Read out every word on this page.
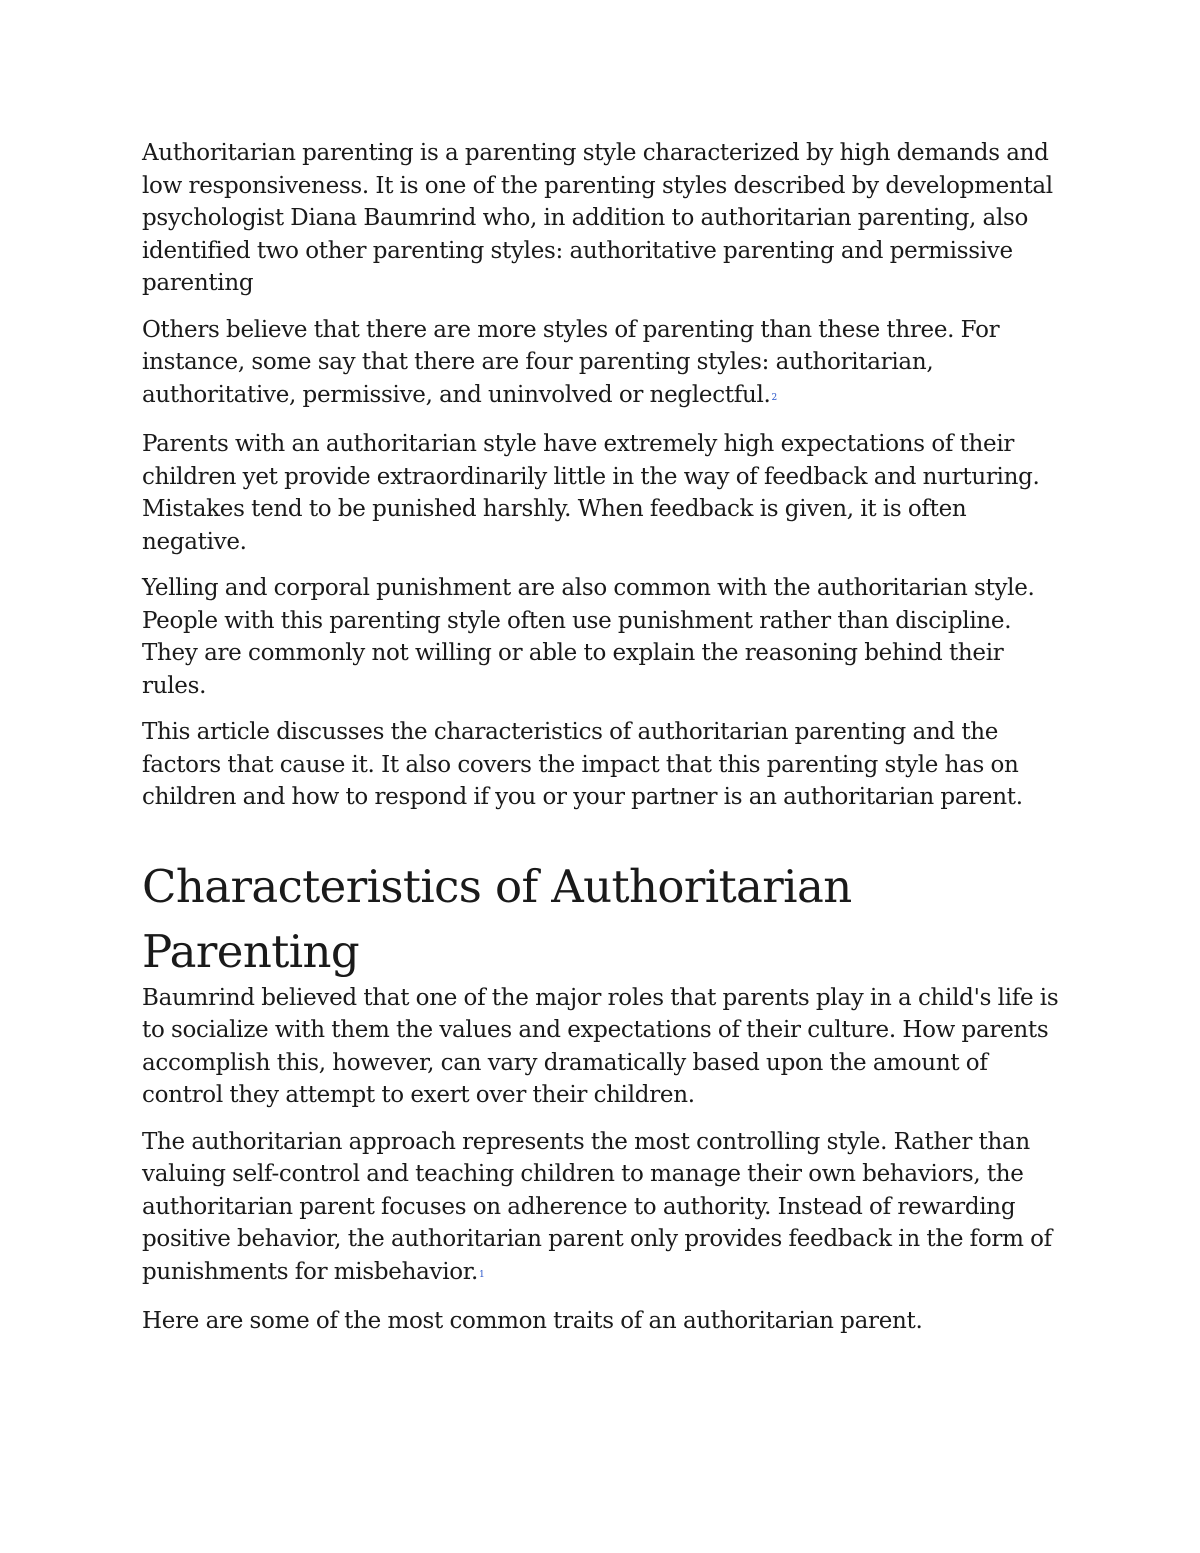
Authoritarian parenting is a parenting style characterized by high demands and low responsiveness. It is one of the parenting styles described by developmental psychologist Diana Baumrind who, in addition to authoritarian parenting, also identified two other parenting styles: authoritative parenting and permissive parenting

Others believe that there are more styles of parenting than these three. For instance, some say that there are four parenting styles: authoritarian, authoritative, permissive, and uninvolved or neglectful.$^2$

Parents with an authoritarian style have extremely high expectations of their children yet provide extraordinarily little in the way of feedback and nurturing. Mistakes tend to be punished harshly. When feedback is given, it is often negative.

Yelling and corporal punishment are also common with the authoritarian style. People with this parenting style often use punishment rather than discipline. They are commonly not willing or able to explain the reasoning behind their rules.

This article discusses the characteristics of authoritarian parenting and the factors that cause it. It also covers the impact that this parenting style has on children and how to respond if you or your partner is an authoritarian parent.

Characteristics of Authoritarian Parenting

Baumrind believed that one of the major roles that parents play in a child's life is to socialize with them the values and expectations of their culture. How parents accomplish this, however, can vary dramatically based upon the amount of control they attempt to exert over their children.

The authoritarian approach represents the most controlling style. Rather than valuing self-control and teaching children to manage their own behaviors, the authoritarian parent focuses on adherence to authority. Instead of rewarding positive behavior, the authoritarian parent only provides feedback in the form of punishments for misbehavior.$^1$

Here are some of the most common traits of an authoritarian parent.
